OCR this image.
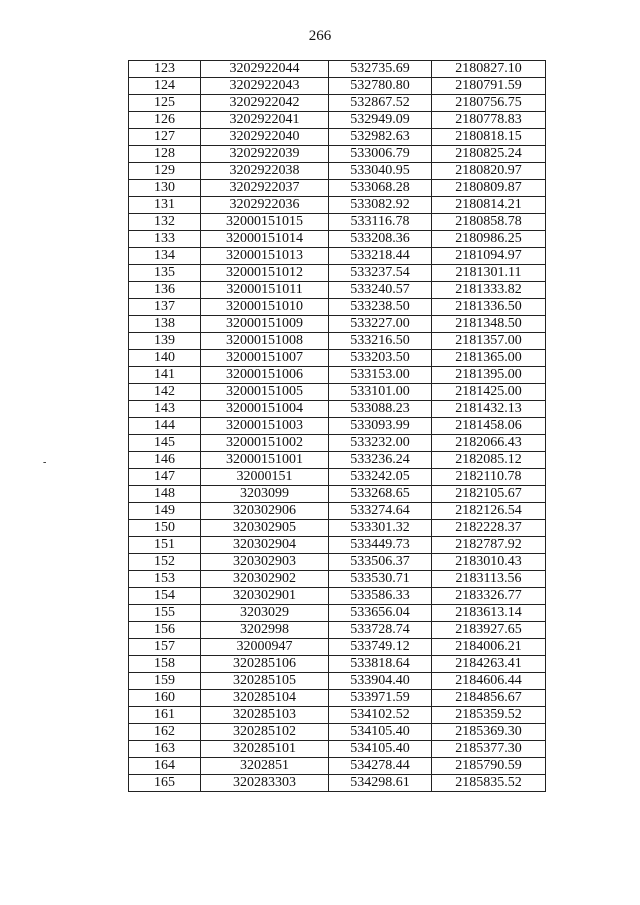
266
-
123	3202922044	532735.69	2180827.10
124	3202922043	532780.80	2180791.59
125	3202922042	532867.52	2180756.75
126	3202922041	532949.09	2180778.83
127	3202922040	532982.63	2180818.15
128	3202922039	533006.79	2180825.24
129	3202922038	533040.95	2180820.97
130	3202922037	533068.28	2180809.87
131	3202922036	533082.92	2180814.21
132	32000151015	533116.78	2180858.78
133	32000151014	533208.36	2180986.25
134	32000151013	533218.44	2181094.97
135	32000151012	533237.54	2181301.11
136	32000151011	533240.57	2181333.82
137	32000151010	533238.50	2181336.50
138	32000151009	533227.00	2181348.50
139	32000151008	533216.50	2181357.00
140	32000151007	533203.50	2181365.00
141	32000151006	533153.00	2181395.00
142	32000151005	533101.00	2181425.00
143	32000151004	533088.23	2181432.13
144	32000151003	533093.99	2181458.06
145	32000151002	533232.00	2182066.43
146	32000151001	533236.24	2182085.12
147	32000151	533242.05	2182110.78
148	3203099	533268.65	2182105.67
149	320302906	533274.64	2182126.54
150	320302905	533301.32	2182228.37
151	320302904	533449.73	2182787.92
152	320302903	533506.37	2183010.43
153	320302902	533530.71	2183113.56
154	320302901	533586.33	2183326.77
155	3203029	533656.04	2183613.14
156	3202998	533728.74	2183927.65
157	32000947	533749.12	2184006.21
158	320285106	533818.64	2184263.41
159	320285105	533904.40	2184606.44
160	320285104	533971.59	2184856.67
161	320285103	534102.52	2185359.52
162	320285102	534105.40	2185369.30
163	320285101	534105.40	2185377.30
164	3202851	534278.44	2185790.59
165	320283303	534298.61	2185835.52
